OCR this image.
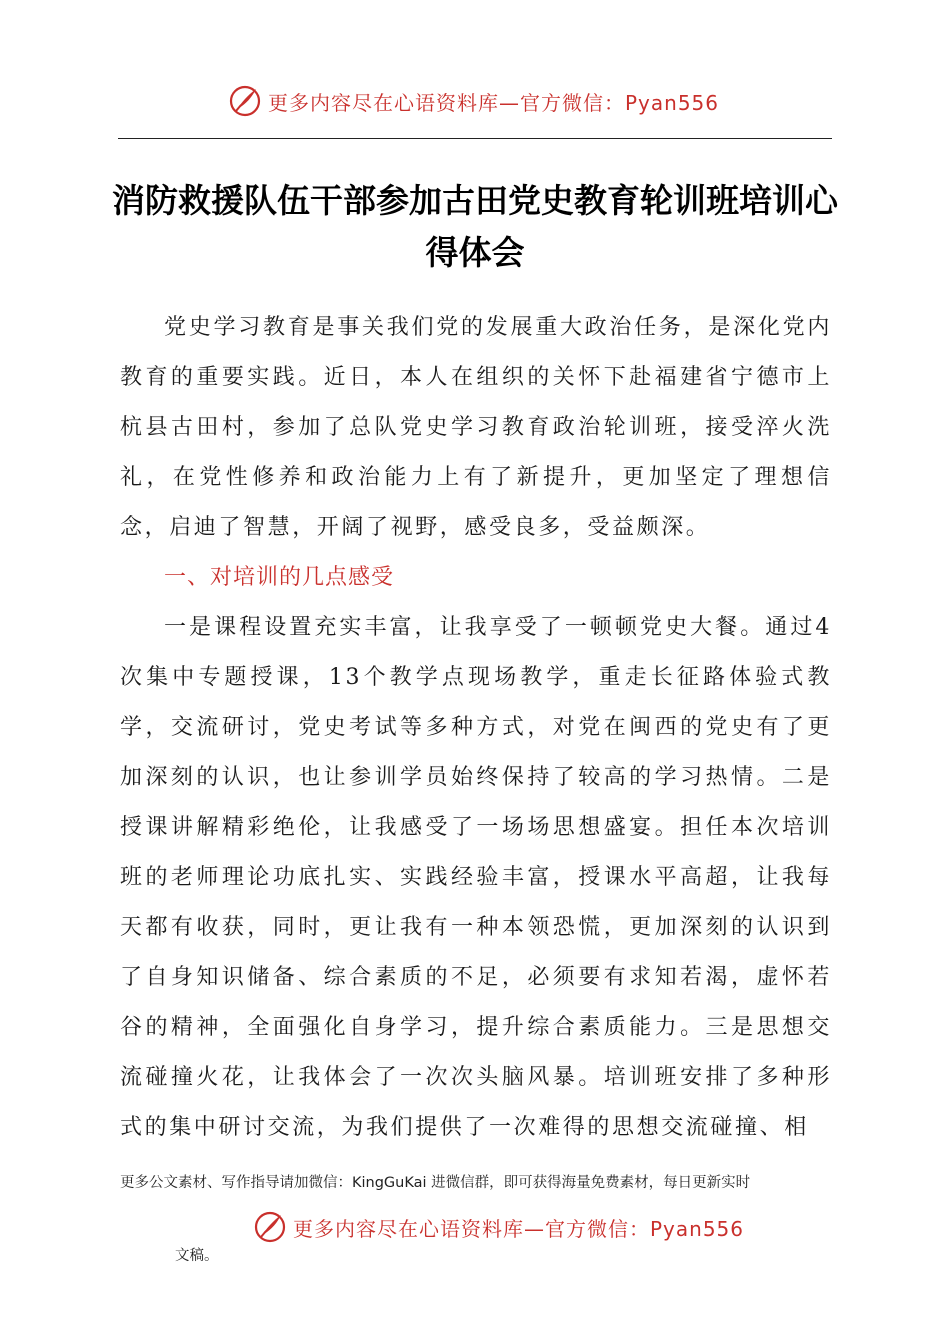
更多内容尽在心语资料库 —官方微信：Pyan556
消防救援队伍干部参加古田党史教育轮训班培训心得体会

党史学习教育是事关我们党的发展重大政治任务，是深化党内教育的重要实践。近日，本人在组织的关怀下赴福建省宁德市上杭县古田村，参加了总队党史学习教育政治轮训班，接受淬火洗礼，在党性修养和政治能力上有了新提升，更加坚定了理想信念，启迪了智慧，开阔了视野，感受良多，受益颇深。

一、对培训的几点感受

一是课程设置充实丰富，让我享受了一顿顿党史大餐。通过4次集中专题授课，13个教学点现场教学，重走长征路体验式教学，交流研讨，党史考试等多种方式，对党在闽西的党史有了更加深刻的认识，也让参训学员始终保持了较高的学习热情。二是授课讲解精彩绝伦，让我感受了一场场思想盛宴。担任本次培训班的老师理论功底扎实、实践经验丰富，授课水平高超，让我每天都有收获，同时，更让我有一种本领恐慌，更加深刻的认识到了自身知识储备、综合素质的不足，必须要有求知若渴，虚怀若谷的精神，全面强化自身学习，提升综合素质能力。三是思想交流碰撞火花，让我体会了一次次头脑风暴。培训班安排了多种形式的集中研讨交流，为我们提供了一次难得的思想交流碰撞、相

更多公文素材、写作指导请加微信：KingGuKai 进微信群，即可获得海量免费素材，每日更新实时
更多内容尽在心语资料库 —官方微信：Pyan556
文稿。
